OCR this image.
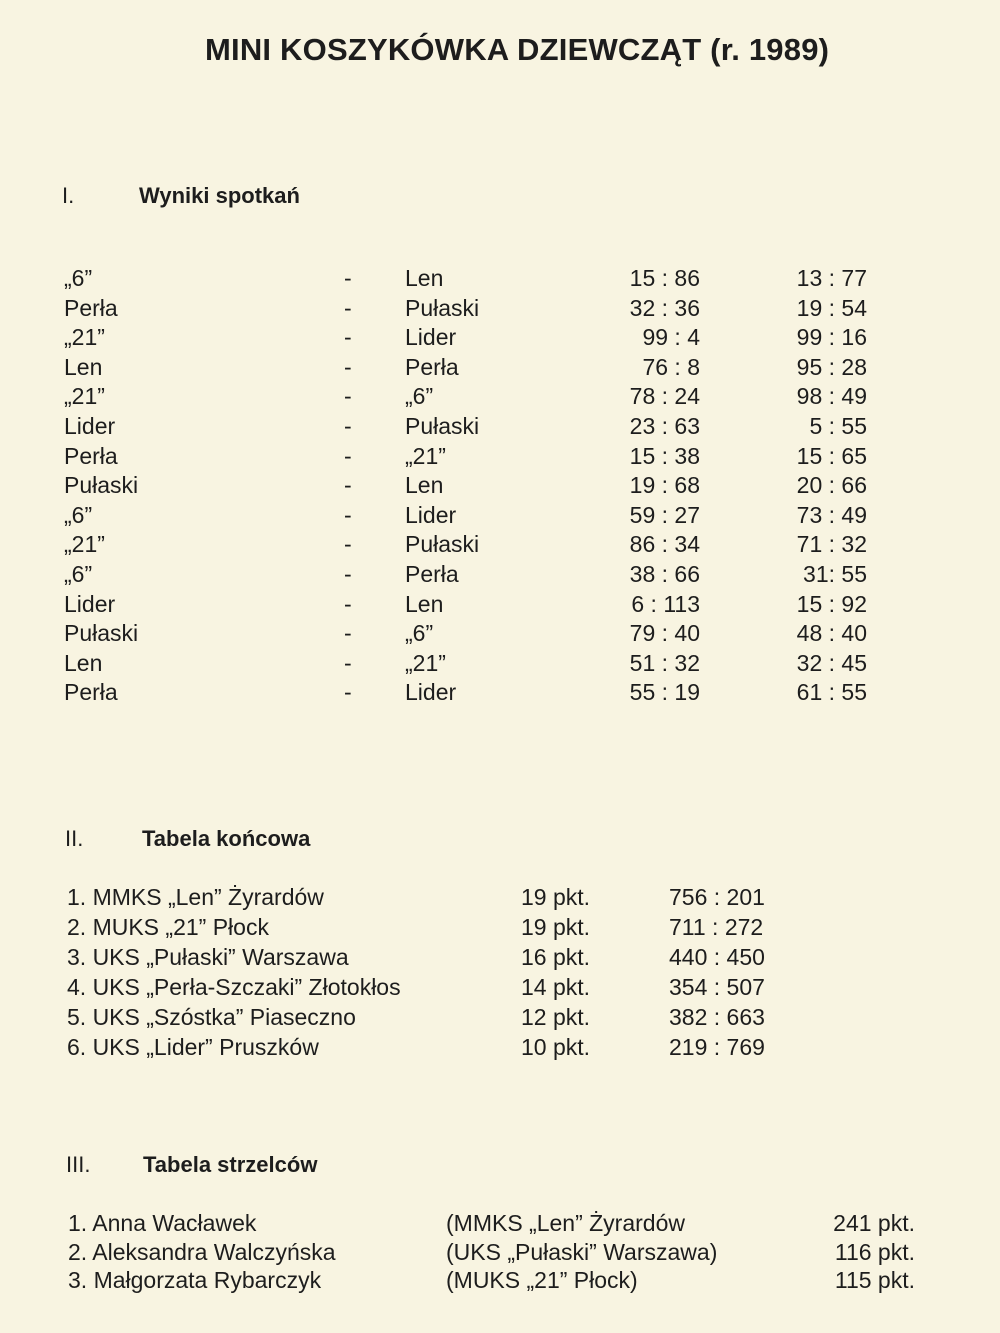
MINI KOSZYKÓWKA DZIEWCZĄT (r. 1989)
I.	Wyniki spotkań
„6”	- Len	15 : 86	13 : 77
Perła	- Pułaski	32 : 36	19 : 54
„21”	- Lider	99 : 4	99 : 16
Len	- Perła	76 : 8	95 : 28
„21”	- „6”	78 : 24	98 : 49
Lider	- Pułaski	23 : 63	5 : 55
Perła	- „21”	15 : 38	15 : 65
Pułaski	- Len	19 : 68	20 : 66
„6”	- Lider	59 : 27	73 : 49
„21”	- Pułaski	86 : 34	71 : 32
„6”	- Perła	38 : 66	31: 55
Lider	- Len	6 : 113	15 : 92
Pułaski	- „6”	79 : 40	48 : 40
Len	- „21”	51 : 32	32 : 45
Perła	- Lider	55 : 19	61 : 55
II.	Tabela końcowa
1. MMKS „Len” Żyrardów	19 pkt.	756 : 201
2. MUKS „21” Płock	19 pkt.	711 : 272
3. UKS „Pułaski” Warszawa	16 pkt.	440 : 450
4. UKS „Perła-Szczaki” Złotokłos	14 pkt.	354 : 507
5. UKS „Szóstka” Piaseczno	12 pkt.	382 : 663
6. UKS „Lider” Pruszków	10 pkt.	219 : 769
III. Tabela strzelców
1. Anna Wacławek	(MMKS „Len” Żyrardów	241 pkt.
2. Aleksandra Walczyńska	(UKS „Pułaski” Warszawa)	116 pkt.
3. Małgorzata Rybarczyk	(MUKS „21” Płock)	115 pkt.
